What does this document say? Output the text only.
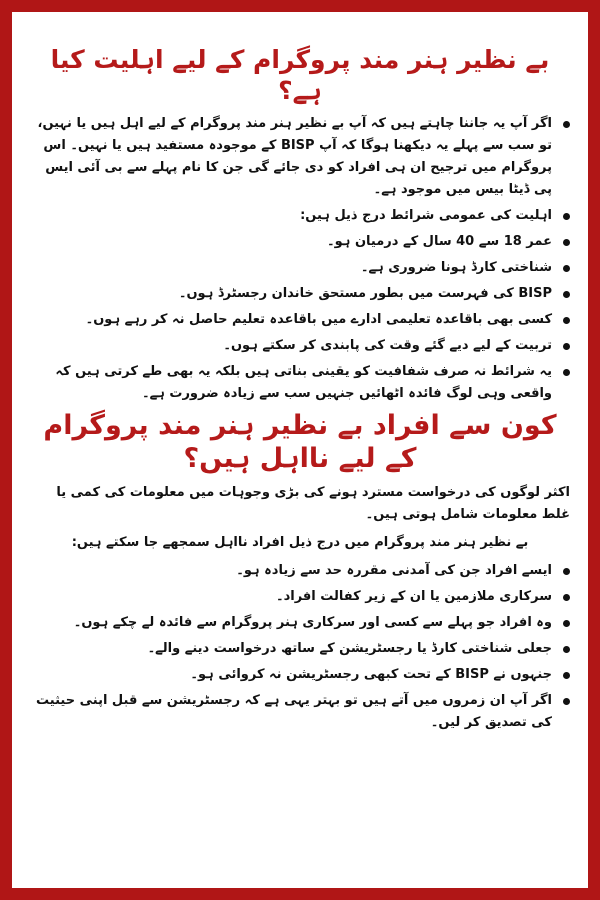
بے نظیر ہنر مند پروگرام کے لیے اہلیت کیا ہے؟
اگر آپ یہ جاننا چاہتے ہیں کہ آپ بے نظیر ہنر مند پروگرام کے لیے اہل ہیں یا نہیں، تو سب سے پہلے یہ دیکھنا ہوگا کہ آپ BISP کے موجودہ مستفید ہیں یا نہیں۔ اس پروگرام میں ترجیح ان ہی افراد کو دی جائے گی جن کا نام پہلے سے بی آئی ایس پی ڈیٹا بیس میں موجود ہے۔
اہلیت کی عمومی شرائط درج ذیل ہیں:
عمر 18 سے 40 سال کے درمیان ہو۔
شناختی کارڈ ہونا ضروری ہے۔
BISP کی فہرست میں بطور مستحق خاندان رجسٹرڈ ہوں۔
کسی بھی باقاعدہ تعلیمی ادارے میں باقاعدہ تعلیم حاصل نہ کر رہے ہوں۔
تربیت کے لیے دیے گئے وقت کی پابندی کر سکتے ہوں۔
یہ شرائط نہ صرف شفافیت کو یقینی بناتی ہیں بلکہ یہ بھی طے کرتی ہیں کہ واقعی وہی لوگ فائدہ اٹھائیں جنہیں سب سے زیادہ ضرورت ہے۔
کون سے افراد بے نظیر ہنر مند پروگرام کے لیے نااہل ہیں؟

اکثر لوگوں کی درخواست مسترد ہونے کی بڑی وجوہات میں معلومات کی کمی یا غلط معلومات شامل ہوتی ہیں۔

بے نظیر ہنر مند پروگرام میں درج ذیل افراد نااہل سمجھے جا سکتے ہیں:

ایسے افراد جن کی آمدنی مقررہ حد سے زیادہ ہو۔
سرکاری ملازمین یا ان کے زیر کفالت افراد۔
وہ افراد جو پہلے سے کسی اور سرکاری ہنر پروگرام سے فائدہ لے چکے ہوں۔
جعلی شناختی کارڈ یا رجسٹریشن کے ساتھ درخواست دینے والے۔
جنہوں نے BISP کے تحت کبھی رجسٹریشن نہ کروائی ہو۔
اگر آپ ان زمروں میں آتے ہیں تو بہتر یہی ہے کہ رجسٹریشن سے قبل اپنی حیثیت کی تصدیق کر لیں۔
